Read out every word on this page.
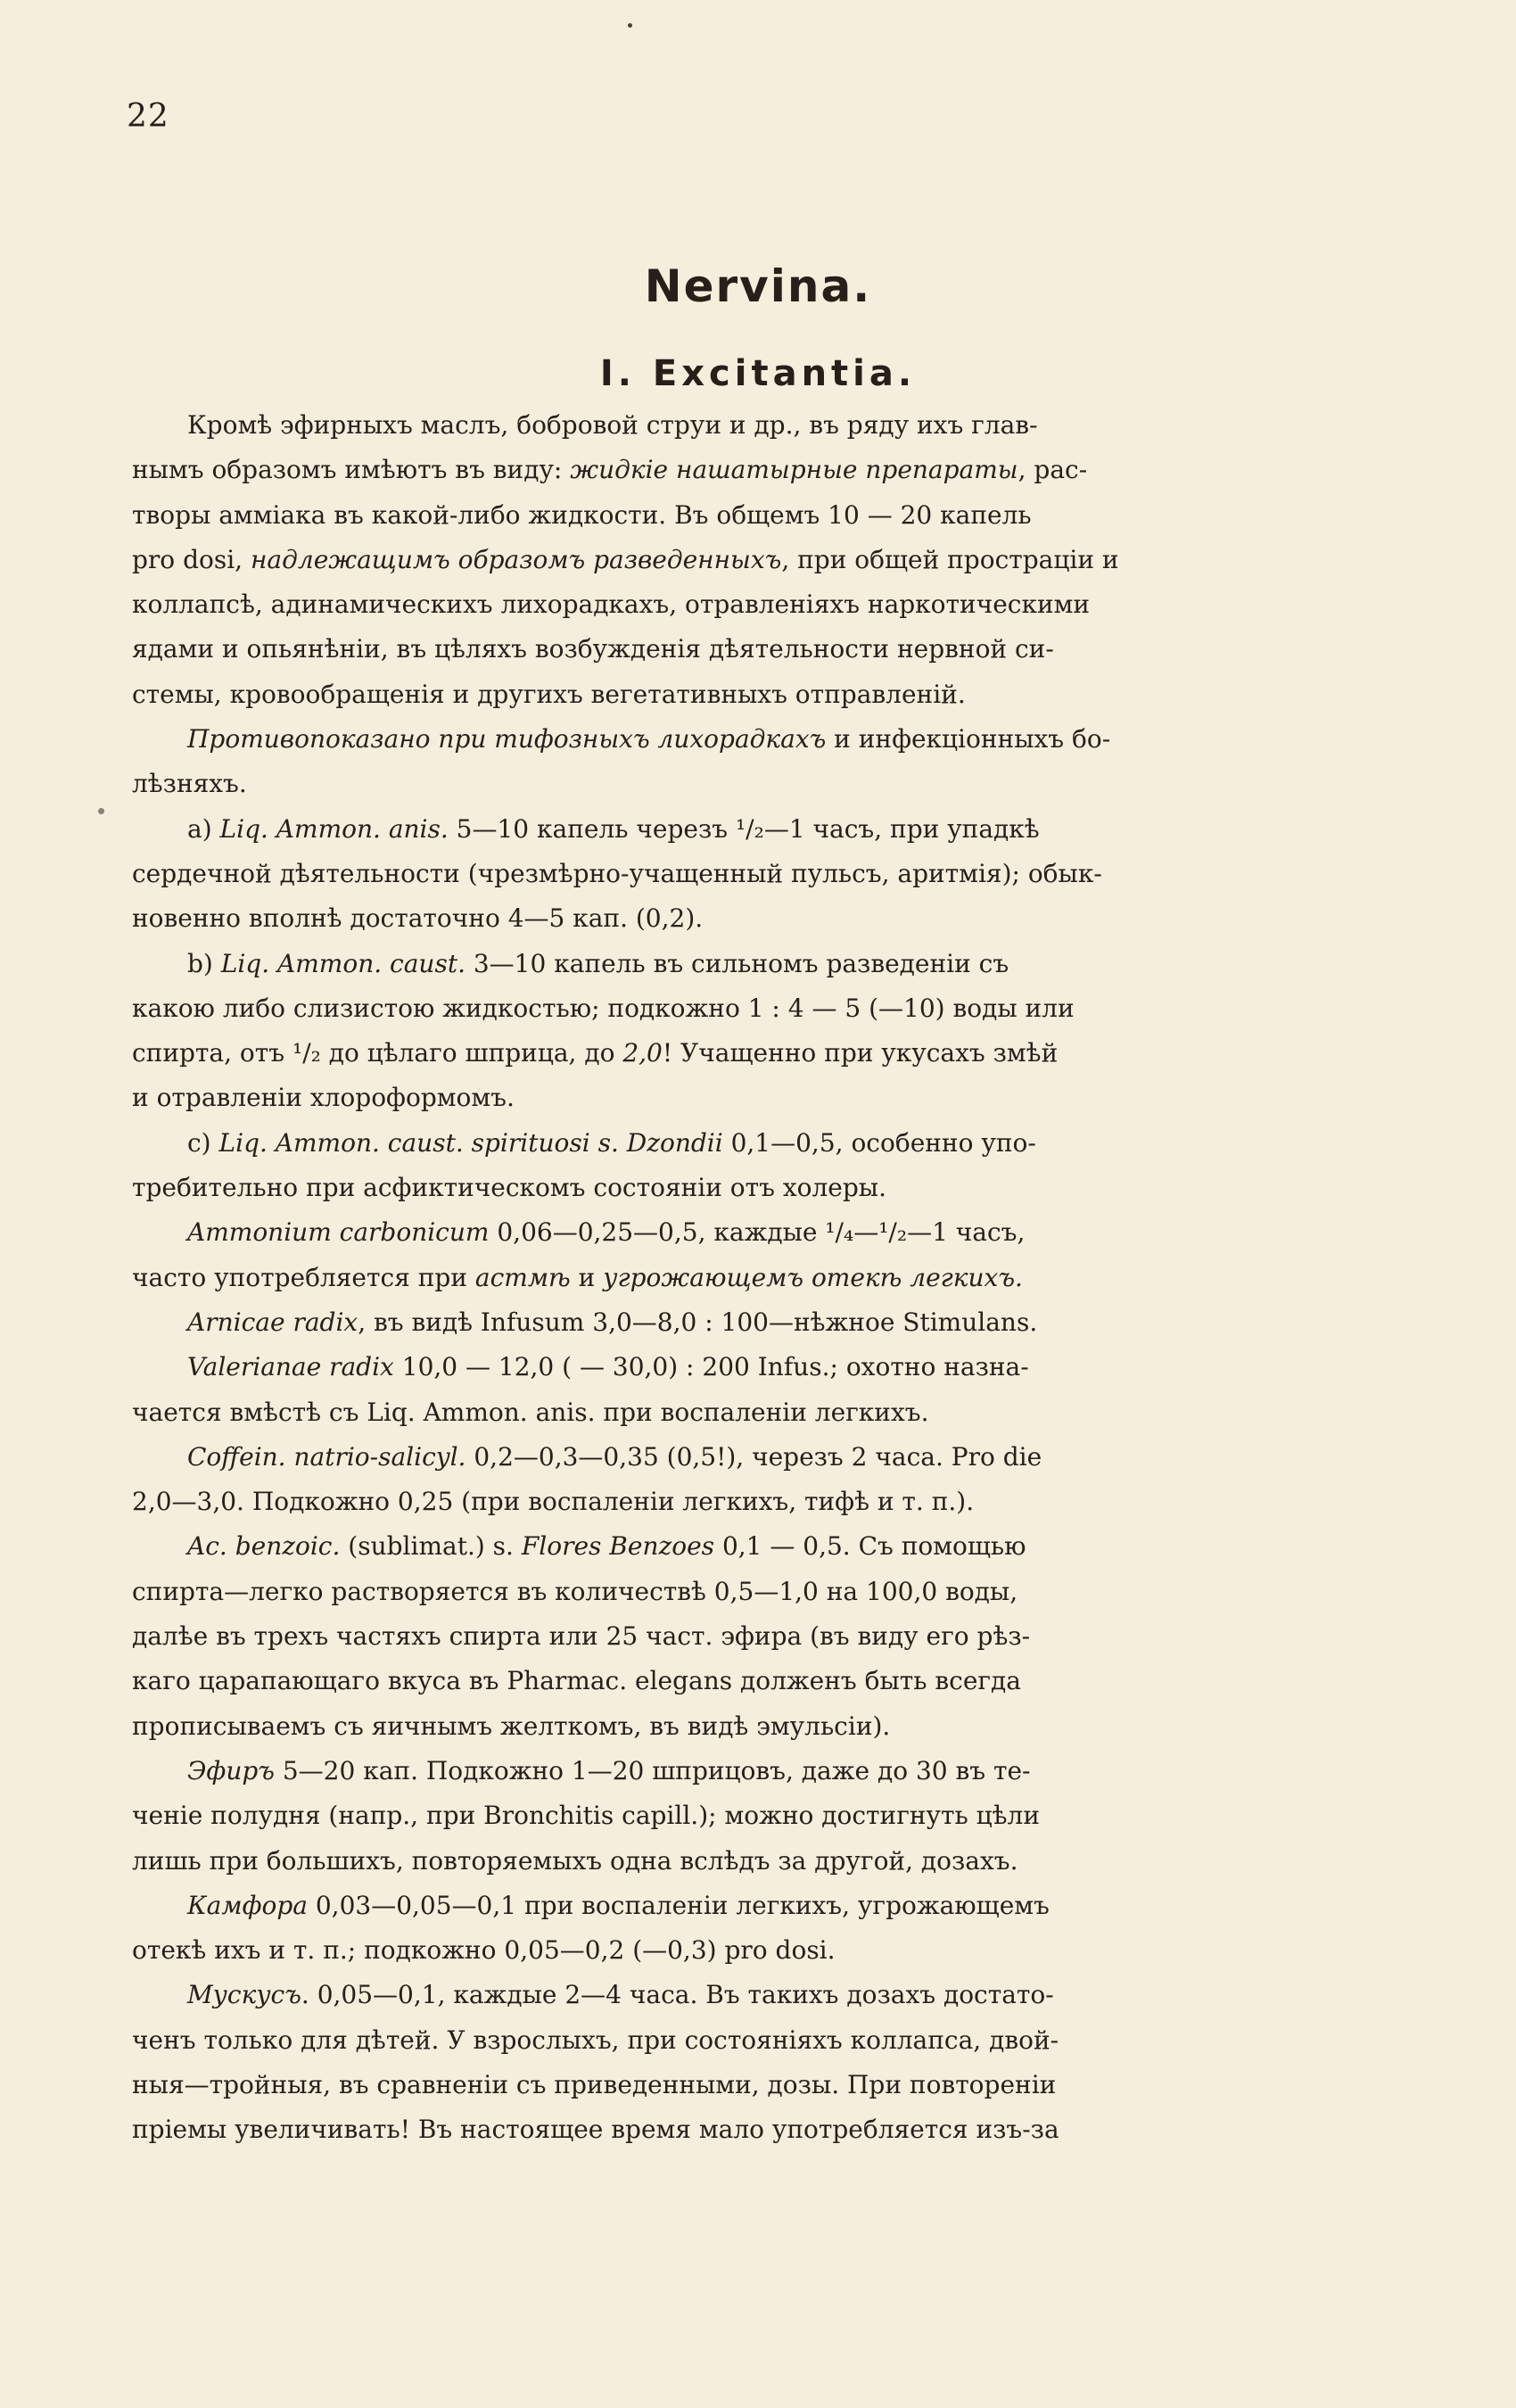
22
Nervina.
I. Excitantia.
Кромѣ эфирныхъ маслъ, бобровой струи и др., въ ряду ихъ глав-
нымъ образомъ имѣютъ въ виду: жидкіе нашатырные препараты, рас-
творы амміака въ какой-либо жидкости. Въ общемъ 10 — 20 капель
pro dosi, надлежащимъ образомъ разведенныхъ, при общей прострацiи и
коллапсѣ, адинамическихъ лихорадкахъ, отравленiяхъ наркотическими
ядами и опьянѣнiи, въ цѣляхъ возбужденiя дѣятельности нервной си-
стемы, кровообращенiя и другихъ вегетативныхъ отправленiй.
Противопоказано при тифозныхъ лихорадкахъ и инфекцiонныхъ бо-
лѣзняхъ.
a) Liq. Ammon. anis. 5—10 капель черезъ ¹/₂—1 часъ, при упадкѣ
сердечной дѣятельности (чрезмѣрно-учащенный пульсъ, аритмiя); обык-
новенно вполнѣ достаточно 4—5 кап. (0,2).
b) Liq. Ammon. caust. 3—10 капель въ сильномъ разведенiи съ
какою либо слизистою жидкостью; подкожно 1 : 4 — 5 (—10) воды или
спирта, отъ ¹/₂ до цѣлаго шприца, до 2,0! Учащенно при укусахъ змѣй
и отравленiи хлороформомъ.
c) Liq. Ammon. caust. spirituosi s. Dzondii 0,1—0,5, особенно упо-
требительно при асфиктическомъ состоянiи отъ холеры.
Ammonium carbonicum 0,06—0,25—0,5, каждые ¹/₄—¹/₂—1 часъ,
часто употребляется при астмѣ и угрожающемъ отекѣ легкихъ.
Arnicae radix, въ видѣ Infusum 3,0—8,0 : 100—нѣжное Stimulans.
Valerianae radix 10,0 — 12,0 ( — 30,0) : 200 Infus.; охотно назна-
чается вмѣстѣ съ Liq. Ammon. anis. при воспаленiи легкихъ.
Coffein. natrio-salicyl. 0,2—0,3—0,35 (0,5!), черезъ 2 часа. Pro die
2,0—3,0. Подкожно 0,25 (при воспаленiи легкихъ, тифѣ и т. п.).
Ac. benzoic. (sublimat.) s. Flores Benzoes 0,1 — 0,5. Съ помощью
спирта—легко растворяется въ количествѣ 0,5—1,0 на 100,0 воды,
далѣе въ трехъ частяхъ спирта или 25 част. эфира (въ виду его рѣз-
каго царапающаго вкуса въ Pharmac. elegans долженъ быть всегда
прописываемъ съ яичнымъ желткомъ, въ видѣ эмульсiи).
Эфиръ 5—20 кап. Подкожно 1—20 шприцовъ, даже до 30 въ те-
ченiе полудня (напр., при Bronchitis capill.); можно достигнуть цѣли
лишь при большихъ, повторяемыхъ одна вслѣдъ за другой, дозахъ.
Камфора 0,03—0,05—0,1 при воспаленiи легкихъ, угрожающемъ
отекѣ ихъ и т. п.; подкожно 0,05—0,2 (—0,3) pro dosi.
Мускусъ. 0,05—0,1, каждые 2—4 часа. Въ такихъ дозахъ достато-
ченъ только для дѣтей. У взрослыхъ, при состоянiяхъ коллапса, двой-
ныя—тройныя, въ сравненiи съ приведенными, дозы. При повторенiи
прiемы увеличивать! Въ настоящее время мало употребляется изъ-за
